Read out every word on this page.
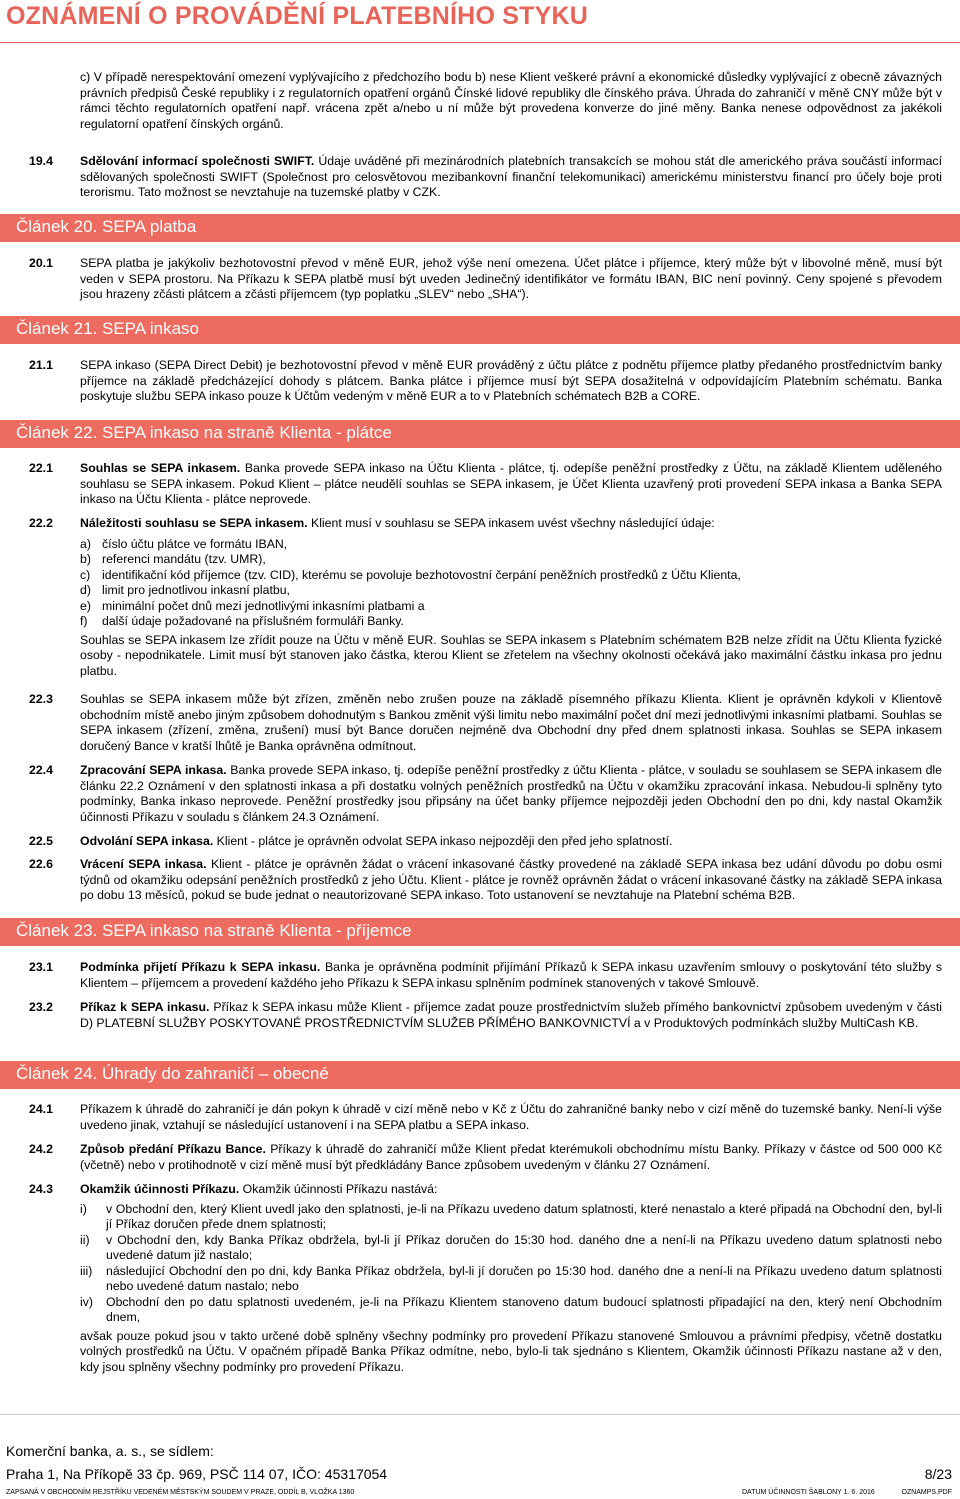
OZNÁMENÍ O PROVÁDĚNÍ PLATEBNÍHO STYKU
c) V případě nerespektování omezení vyplývajícího z předchozího bodu b) nese Klient veškeré právní a ekonomické důsledky vyplývající z obecně závazných právních předpisů České republiky i z regulatorních opatření orgánů Čínské lidové republiky dle čínského práva. Úhrada do zahraničí v měně CNY může být v rámci těchto regulatorních opatření např. vrácena zpět a/nebo u ní může být provedena konverze do jiné měny. Banka nenese odpovědnost za jakékoli regulatorní opatření čínských orgánů.
19.4 Sdělování informací společnosti SWIFT. Údaje uváděné při mezinárodních platebních transakcích se mohou stát dle amerického práva součástí informací sdělovaných společnosti SWIFT (Společnost pro celosvětovou mezibankovní finanční telekomunikaci) americkému ministerstvu financí pro účely boje proti terorismu. Tato možnost se nevztahuje na tuzemské platby v CZK.
Článek 20. SEPA platba
20.1 SEPA platba je jakýkoliv bezhotovostní převod v měně EUR, jehož výše není omezena. Účet plátce i příjemce, který může být v libovolné měně, musí být veden v SEPA prostoru. Na Příkazu k SEPA platbě musí být uveden Jedinečný identifikátor ve formátu IBAN, BIC není povinný. Ceny spojené s převodem jsou hrazeny zčásti plátcem a zčásti příjemcem (typ poplatku „SLEV“ nebo „SHA“).
Článek 21. SEPA inkaso
21.1 SEPA inkaso (SEPA Direct Debit) je bezhotovostní převod v měně EUR prováděný z účtu plátce z podnětu příjemce platby předaného prostřednictvím banky příjemce na základě předcházející dohody s plátcem. Banka plátce i příjemce musí být SEPA dosažitelná v odpovídajícím Platebním schématu. Banka poskytuje službu SEPA inkaso pouze k Účtům vedeným v měně EUR a to v Platebních schématech B2B a CORE.
Článek 22. SEPA inkaso na straně Klienta - plátce
22.1 Souhlas se SEPA inkasem. Banka provede SEPA inkaso na Účtu Klienta - plátce, tj. odepíše peněžní prostředky z Účtu, na základě Klientem uděleného souhlasu se SEPA inkasem. Pokud Klient – plátce neudělí souhlas se SEPA inkasem, je Účet Klienta uzavřený proti provedení SEPA inkasa a Banka SEPA inkaso na Účtu Klienta - plátce neprovede.
22.2 Náležitosti souhlasu se SEPA inkasem. Klient musí v souhlasu se SEPA inkasem uvést všechny následující údaje:
a) číslo účtu plátce ve formátu IBAN,
b) referenci mandátu (tzv. UMR),
c) identifikační kód příjemce (tzv. CID), kterému se povoluje bezhotovostní čerpání peněžních prostředků z Účtu Klienta,
d) limit pro jednotlivou inkasní platbu,
e) minimální počet dnů mezi jednotlivými inkasními platbami a
f)	další údaje požadované na příslušném formuláři Banky.
Souhlas se SEPA inkasem lze zřídit pouze na Účtu v měně EUR. Souhlas se SEPA inkasem s Platebním schématem B2B nelze zřídit na Účtu Klienta fyzické osoby - nepodnikatele. Limit musí být stanoven jako částka, kterou Klient se zřetelem na všechny okolnosti očekává jako maximální částku inkasa pro jednu platbu.
22.3 Souhlas se SEPA inkasem může být zřízen, změněn nebo zrušen pouze na základě písemného příkazu Klienta. Klient je oprávněn kdykoli v Klientově obchodním místě anebo jiným způsobem dohodnutým s Bankou změnit výši limitu nebo maximální počet dní mezi jednotlivými inkasními platbami. Souhlas se SEPA inkasem (zřízení, změna, zrušení) musí být Bance doručen nejméně dva Obchodní dny před dnem splatnosti inkasa. Souhlas se SEPA inkasem doručený Bance v kratší lhůtě je Banka oprávněna odmítnout.
22.4 Zpracování SEPA inkasa. Banka provede SEPA inkaso, tj. odepíše peněžní prostředky z účtu Klienta - plátce, v souladu se souhlasem se SEPA inkasem dle článku 22.2 Oznámení v den splatnosti inkasa a při dostatku volných peněžních prostředků na Účtu v okamžiku zpracování inkasa. Nebudou-li splněny tyto podmínky, Banka inkaso neprovede. Peněžní prostředky jsou připsány na účet banky příjemce nejpozději jeden Obchodní den po dni, kdy nastal Okamžik účinnosti Příkazu v souladu s článkem 24.3 Oznámení.
22.5 Odvolání SEPA inkasa. Klient - plátce je oprávněn odvolat SEPA inkaso nejpozději den před jeho splatností.
22.6 Vrácení SEPA inkasa. Klient - plátce je oprávněn žádat o vrácení inkasované částky provedené na základě SEPA inkasa bez udání důvodu po dobu osmi týdnů od okamžiku odepsání peněžních prostředků z jeho Účtu. Klient - plátce je rovněž oprávněn žádat o vrácení inkasované částky na základě SEPA inkasa po dobu 13 měsíců, pokud se bude jednat o neautorizované SEPA inkaso. Toto ustanovení se nevztahuje na Platební schéma B2B.
Článek 23. SEPA inkaso na straně Klienta - příjemce
23.1 Podmínka přijetí Příkazu k SEPA inkasu. Banka je oprávněna podmínit přijímání Příkazů k SEPA inkasu uzavřením smlouvy o poskytování této služby s Klientem – příjemcem a provedení každého jeho Příkazu k SEPA inkasu splněním podmínek stanovených v takové Smlouvě.
23.2 Příkaz k SEPA inkasu. Příkaz k SEPA inkasu může Klient - příjemce zadat pouze prostřednictvím služeb přímého bankovnictví způsobem uvedeným v části D) PLATEBNÍ SLUŽBY POSKYTOVANÉ PROSTŘEDNICTVÍM SLUŽEB PŘÍMÉHO BANKOVNICTVÍ a v Produktových podmínkách služby MultiCash KB.
Článek 24. Úhrady do zahraničí – obecné
24.1 Příkazem k úhradě do zahraničí je dán pokyn k úhradě v cizí měně nebo v Kč z Účtu do zahraničné banky nebo v cizí měně do tuzemské banky. Není-li výše uvedeno jinak, vztahují se následující ustanovení i na SEPA platbu a SEPA inkaso.
24.2 Způsob předání Příkazu Bance. Příkazy k úhradě do zahraničí může Klient předat kterémukoli obchodnímu místu Banky. Příkazy v částce od 500 000 Kč (včetně) nebo v protihodnotě v cizí měně musí být předkládány Bance způsobem uvedeným v článku 27 Oznámení.
24.3 Okamžik účinnosti Příkazu. Okamžik účinnosti Příkazu nastává:
i)	v Obchodní den, který Klient uvedl jako den splatnosti, je-li na Příkazu uvedeno datum splatnosti, které nenastalo a které připadá na Obchodní den, byl-li jí Příkaz doručen přede dnem splatnosti;
ii)	v Obchodní den, kdy Banka Příkaz obdržela, byl-li jí Příkaz doručen do 15:30 hod. daného dne a není-li na Příkazu uvedeno datum splatnosti nebo uvedené datum již nastalo;
iii)	následující Obchodní den po dni, kdy Banka Příkaz obdržela, byl-li jí doručen po 15:30 hod. daného dne a není-li na Příkazu uvedeno datum splatnosti nebo uvedené datum nastalo; nebo
iv)	Obchodní den po datu splatnosti uvedeném, je-li na Příkazu Klientem stanoveno datum budoucí splatnosti připadající na den, který není Obchodním dnem,
avšak pouze pokud jsou v takto určené době splněny všechny podmínky pro provedení Příkazu stanovené Smlouvou a právními předpisy, včetně dostatku volných prostředků na Účtu. V opačném případě Banka Příkaz odmítne, nebo, bylo-li tak sjednáno s Klientem, Okamžik účinnosti Příkazu nastane až v den, kdy jsou splněny všechny podmínky pro provedení Příkazu.
Komerční banka, a. s., se sídlem:
Praha 1, Na Příkopě 33 čp. 969, PSČ 114 07, IČO: 45317054	8/23
ZAPSANÁ V OBCHODNÍM REJSTŘÍKU VEDENÉM MĚSTSKÝM SOUDEM V PRAZE, ODDÍL B, VLOŽKA 1360	DATUM ÚČINNOSTI ŠABLONY 1. 6. 2016	OZNAMPS.PDF
